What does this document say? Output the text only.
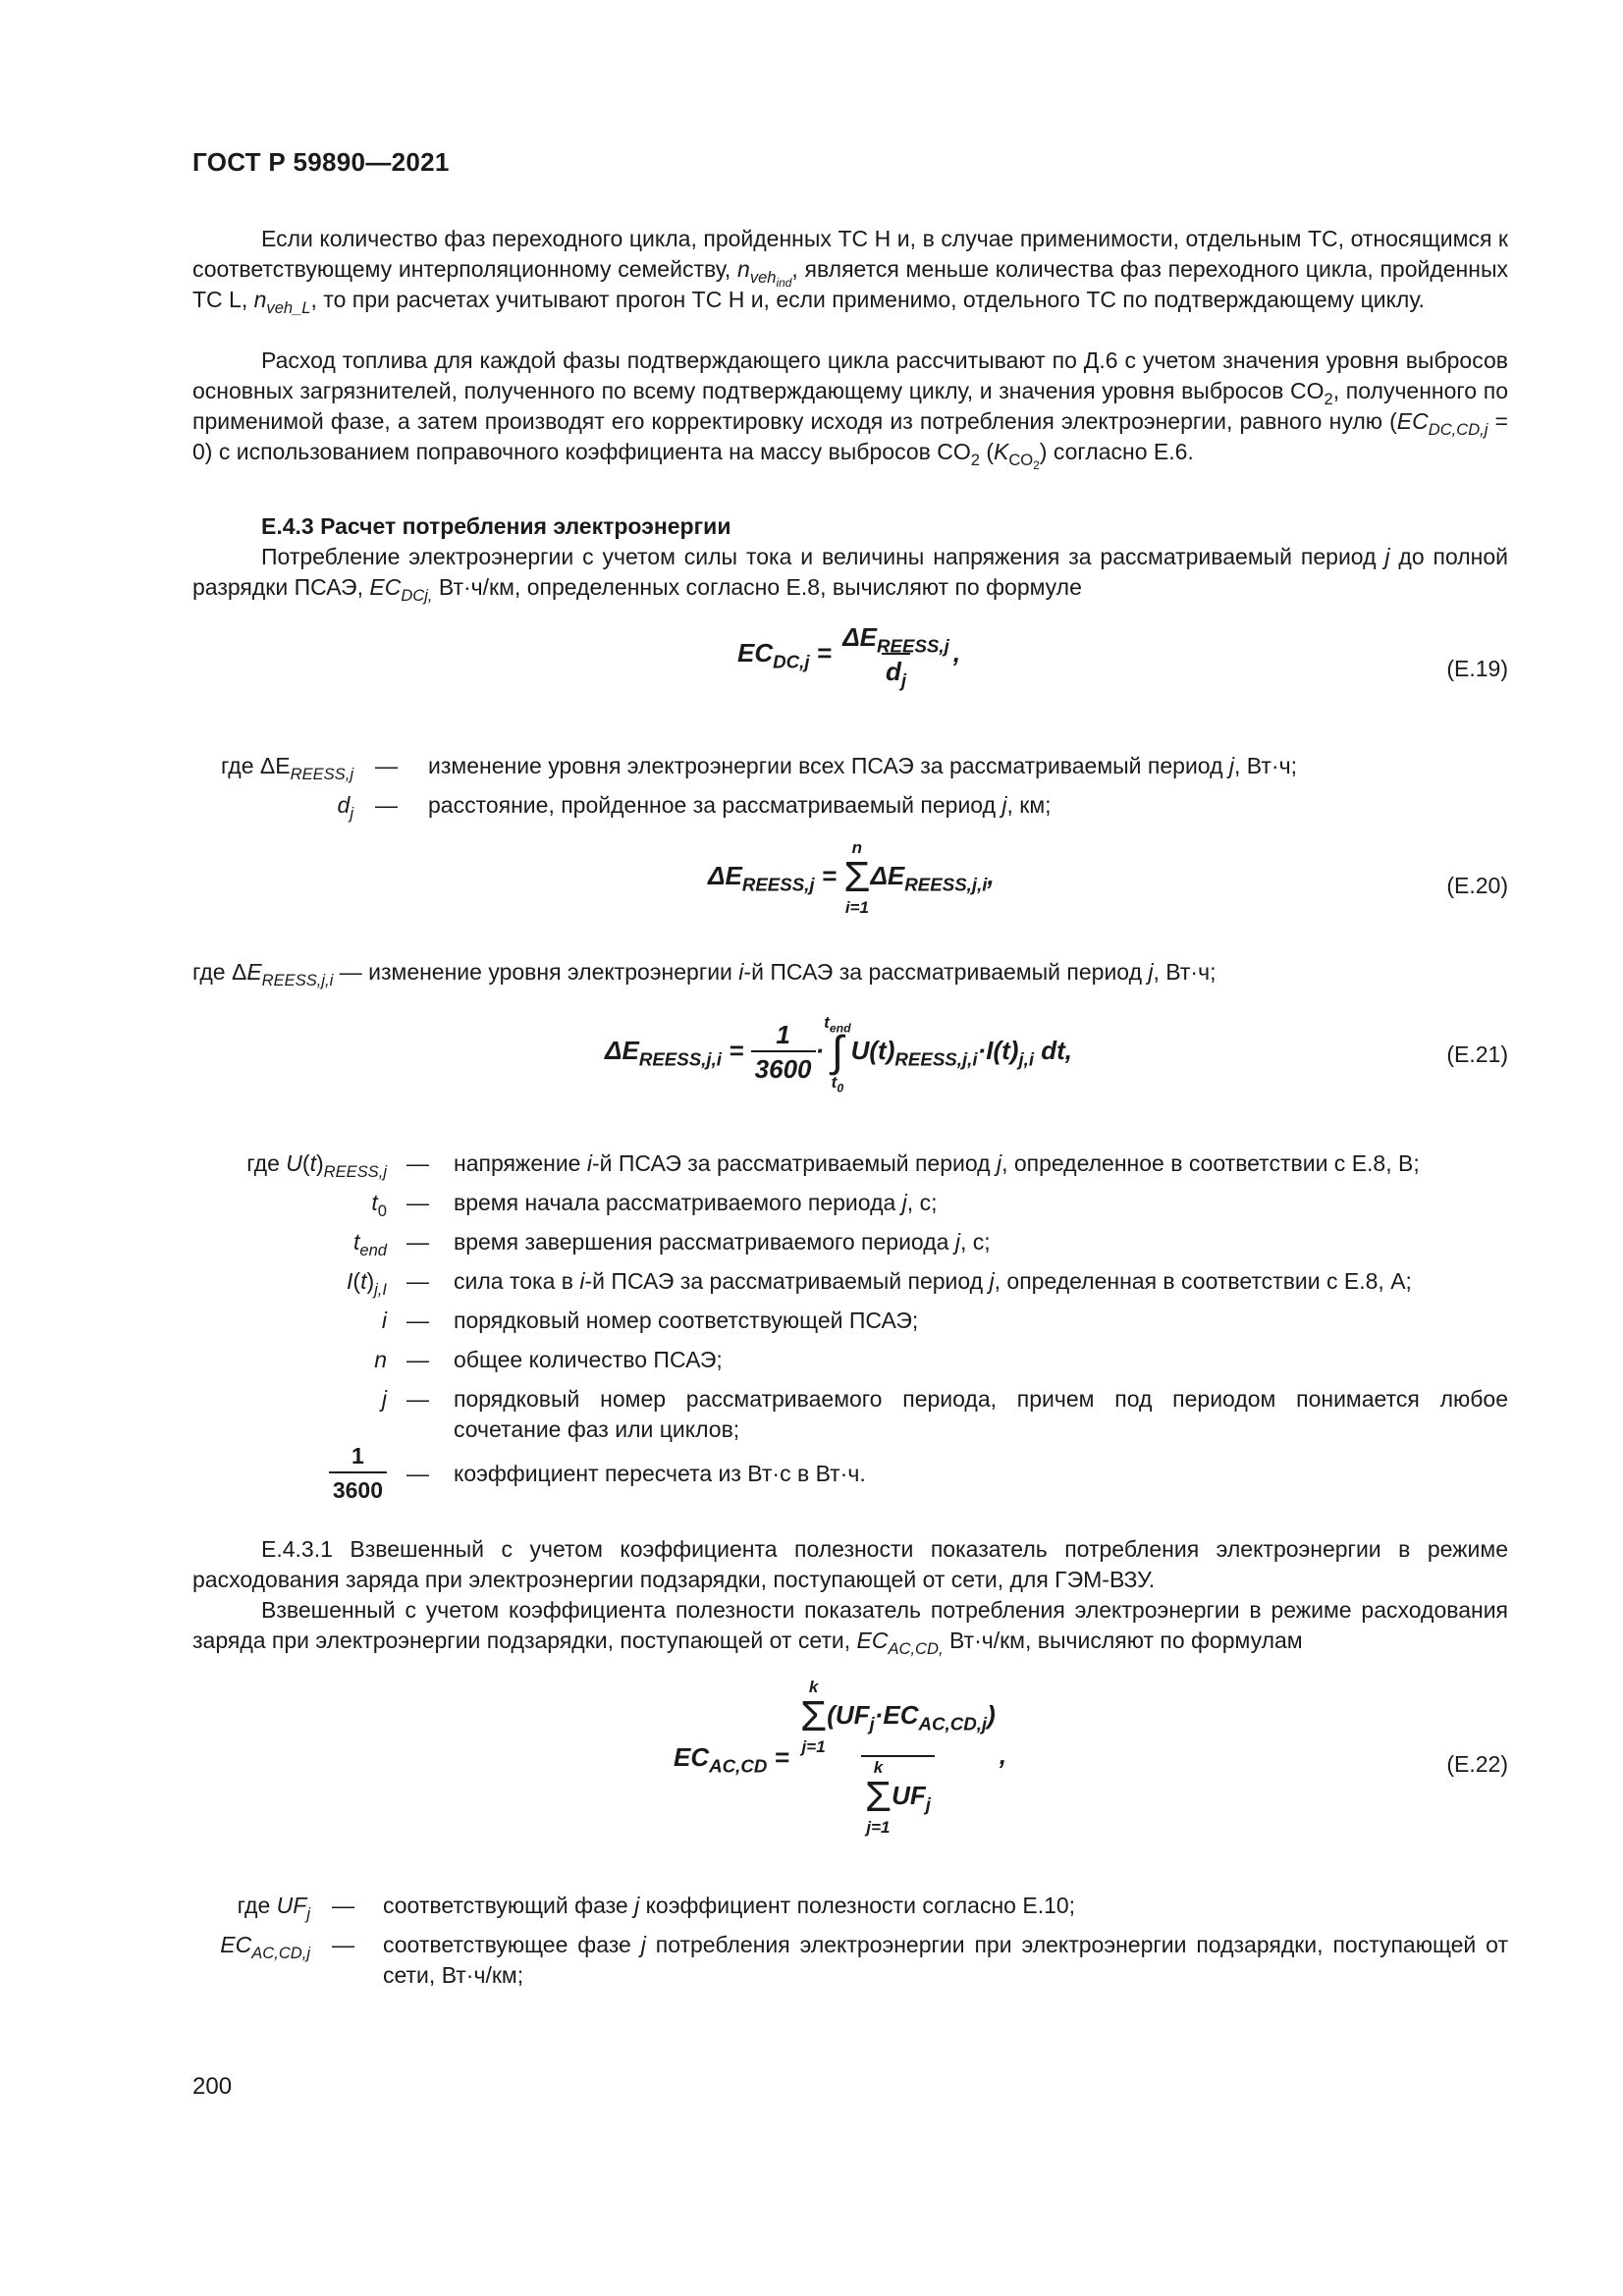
ГОСТ Р 59890—2021

Если количество фаз переходного цикла, пройденных ТС H и, в случае применимости, отдельным ТС, относящимся к соответствующему интерполяционному семейству, $n_{veh_{ind}}$, является меньше количества фаз переходного цикла, пройденных ТС L, $n_{veh\_L}$, то при расчетах учитывают прогон ТС H и, если применимо, отдельного ТС по подтверждающему циклу.

Расход топлива для каждой фазы подтверждающего цикла рассчитывают по Д.6 с учетом значения уровня выбросов основных загрязнителей, полученного по всему подтверждающему циклу, и значения уровня выбросов $CO_2$, полученного по применимой фазе, а затем производят его корректировку исходя из потребления электроэнергии, равного нулю $(EC_{DC,CD,j} = 0)$ с использованием поправочного коэффициента на массу выбросов $CO_2$ $(K_{CO_2})$ согласно Е.6.

Е.4.3 Расчет потребления электроэнергии

Потребление электроэнергии с учетом силы тока и величины напряжения за рассматриваемый период j до полной разрядки ПСАЭ, $EC_{DCj,}$ Вт·ч/км, определенных согласно Е.8, вычисляют по формуле

$EC_{DC,j} = \frac{\Delta E_{REESS,j}}{d_j}$ ,
(Е.19)
где $\Delta E_{REESS,j}$ — изменение уровня электроэнергии всех ПСАЭ за рассматриваемый период j, Вт·ч;
$d_j$ — расстояние, пройденное за рассматриваемый период j, км;
$\Delta E_{REESS,j}$ =
n
Σ
i=1
$\Delta E_{REESS,j,i}$,	(Е.20)
где $\Delta E_{REESS,j,i}$ — изменение уровня электроэнергии i-й ПСАЭ за рассматриваемый период j, Вт·ч;
$\Delta E_{REESS,j,i} = \frac{1}{3600}$ ·
$t_{end}$
∫
$t_0$
$U(t)_{REESS,j,i}\cdot I(t)_{j,i}$ dt,	(Е.21)
где $U(t)_{REESS,j}$ — напряжение i-й ПСАЭ за рассматриваемый период j, определенное в соответствии с Е.8, В;
$t_0$ — время начала рассматриваемого периода j, с;
$t_{end}$ — время завершения рассматриваемого периода j, с;
$I(t)_{j,I}$ — сила тока в i-й ПСАЭ за рассматриваемый период j, определенная в соответствии с Е.8, А;
i — порядковый номер соответствующей ПСАЭ;
n — общее количество ПСАЭ;
j — порядковый номер рассматриваемого периода, причем под периодом понимается любое сочетание фаз или циклов;
$\frac{1}{3600}$ — коэффициент пересчета из Вт·с в Вт·ч.

Е.4.3.1 Взвешенный с учетом коэффициента полезности показатель потребления электроэнергии в режиме расходования заряда при электроэнергии подзарядки, поступающей от сети, для ГЭМ-ВЗУ.

Взвешенный с учетом коэффициента полезности показатель потребления электроэнергии в режиме расходования заряда при электроэнергии подзарядки, поступающей от сети, $EC_{AC,CD,}$ Вт·ч/км, вычисляют по формулам

$EC_{AC,CD} = k$
Σ
j=1
$(UF_j\cdot EC_{AC,CD,j})$
k
Σ
j=1
$UF_j$ ,	(Е.22)
где $UF_j$ — соответствующий фазе j коэффициент полезности согласно Е.10;
$EC_{AC,CD,j}$ — соответствующее фазе j потребления электроэнергии при электроэнергии подзарядки, поступающей от сети, Вт·ч/км;
200
